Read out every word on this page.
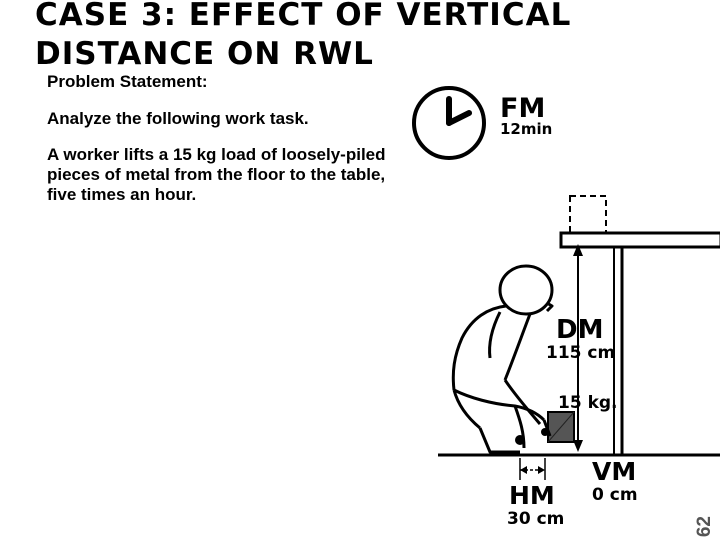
CASE 3: EFFECT OF VERTICAL
DISTANCE ON RWL

Problem Statement:

Analyze the following work task.

A worker lifts a 15 kg load of loosely-piled pieces of metal from the floor to the table, five times an hour.

FM
12min
DM
115 cm
15 kg.
HM
30 cm
VM
0 cm
62
